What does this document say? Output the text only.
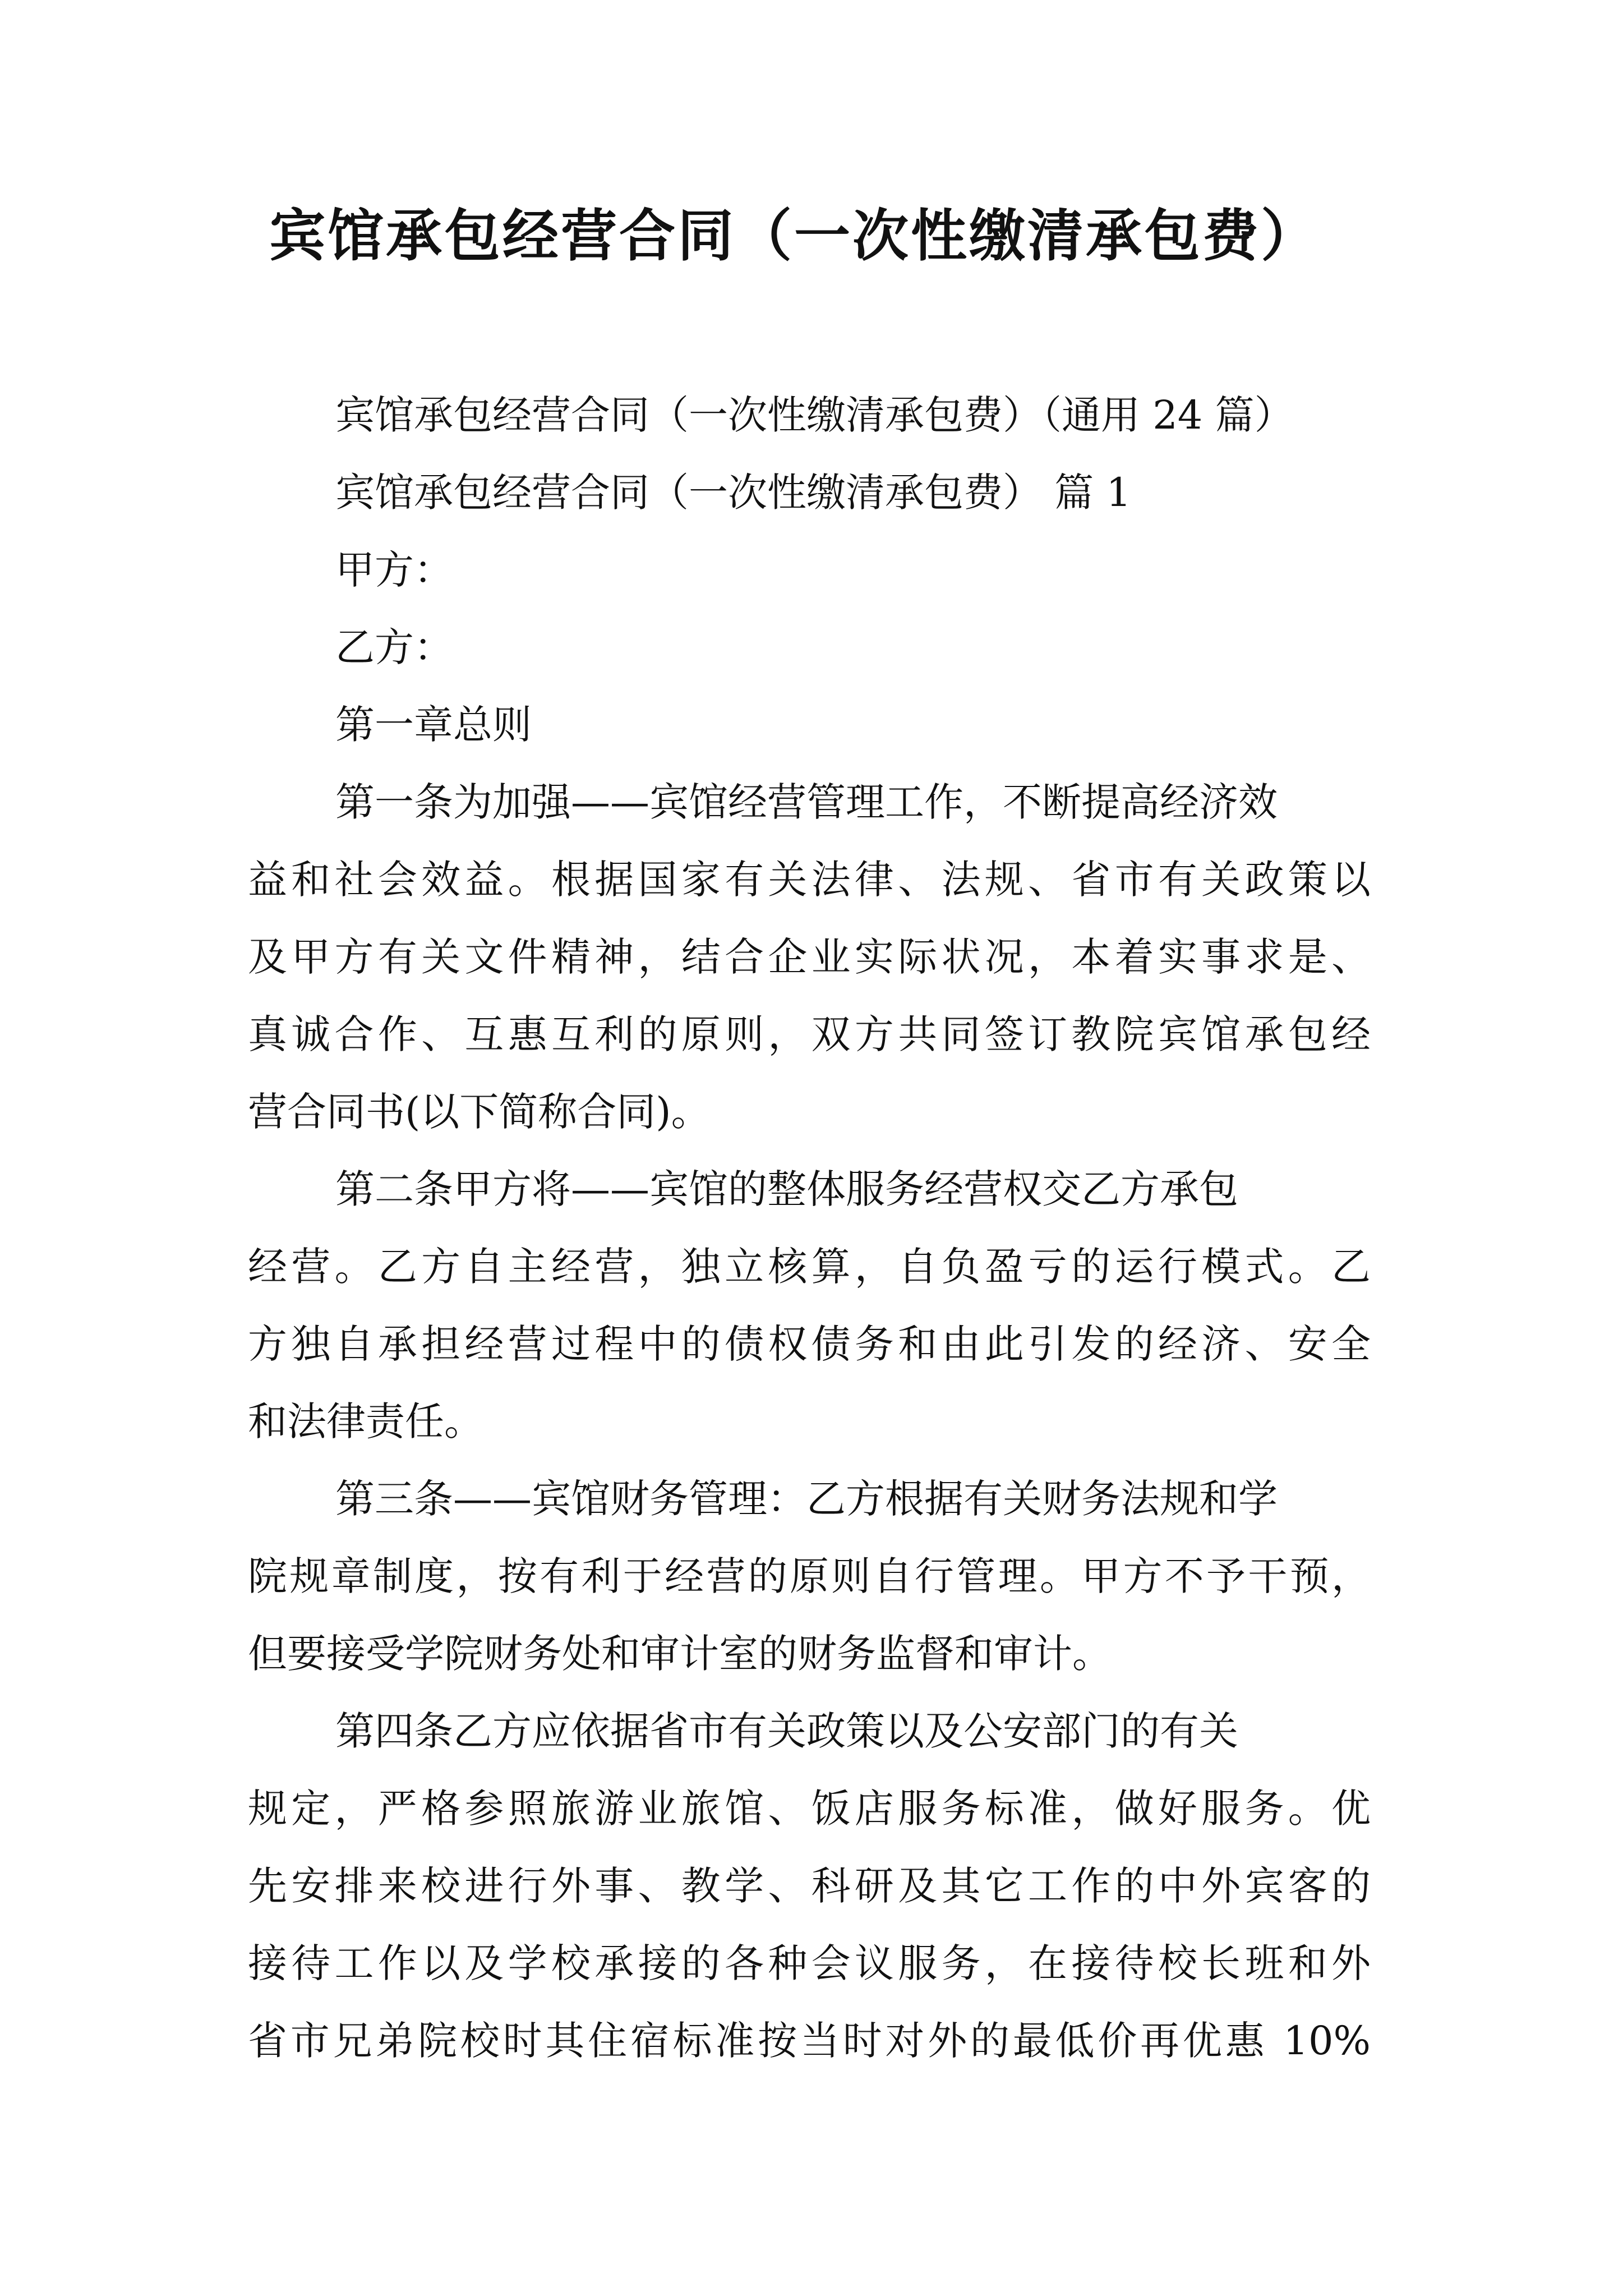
宾馆承包经营合同（一次性缴清承包费）

宾馆承包经营合同（一次性缴清承包费）（通用 24 篇）

宾馆承包经营合同（一次性缴清承包费） 篇 1

甲方：

乙方：

第一章总则

第一条为加强——宾馆经营管理工作，不断提高经济效

益和社会效益。根据国家有关法律、法规、省市有关政策以

及甲方有关文件精神，结合企业实际状况，本着实事求是、

真诚合作、互惠互利的原则，双方共同签订教院宾馆承包经

营合同书(以下简称合同)。

第二条甲方将——宾馆的整体服务经营权交乙方承包

经营。乙方自主经营，独立核算，自负盈亏的运行模式。乙

方独自承担经营过程中的债权债务和由此引发的经济、安全

和法律责任。

第三条——宾馆财务管理：乙方根据有关财务法规和学

院规章制度，按有利于经营的原则自行管理。甲方不予干预，

但要接受学院财务处和审计室的财务监督和审计。

第四条乙方应依据省市有关政策以及公安部门的有关

规定，严格参照旅游业旅馆、饭店服务标准，做好服务。优

先安排来校进行外事、教学、科研及其它工作的中外宾客的

接待工作以及学校承接的各种会议服务，在接待校长班和外

省市兄弟院校时其住宿标准按当时对外的最低价再优惠 10%
